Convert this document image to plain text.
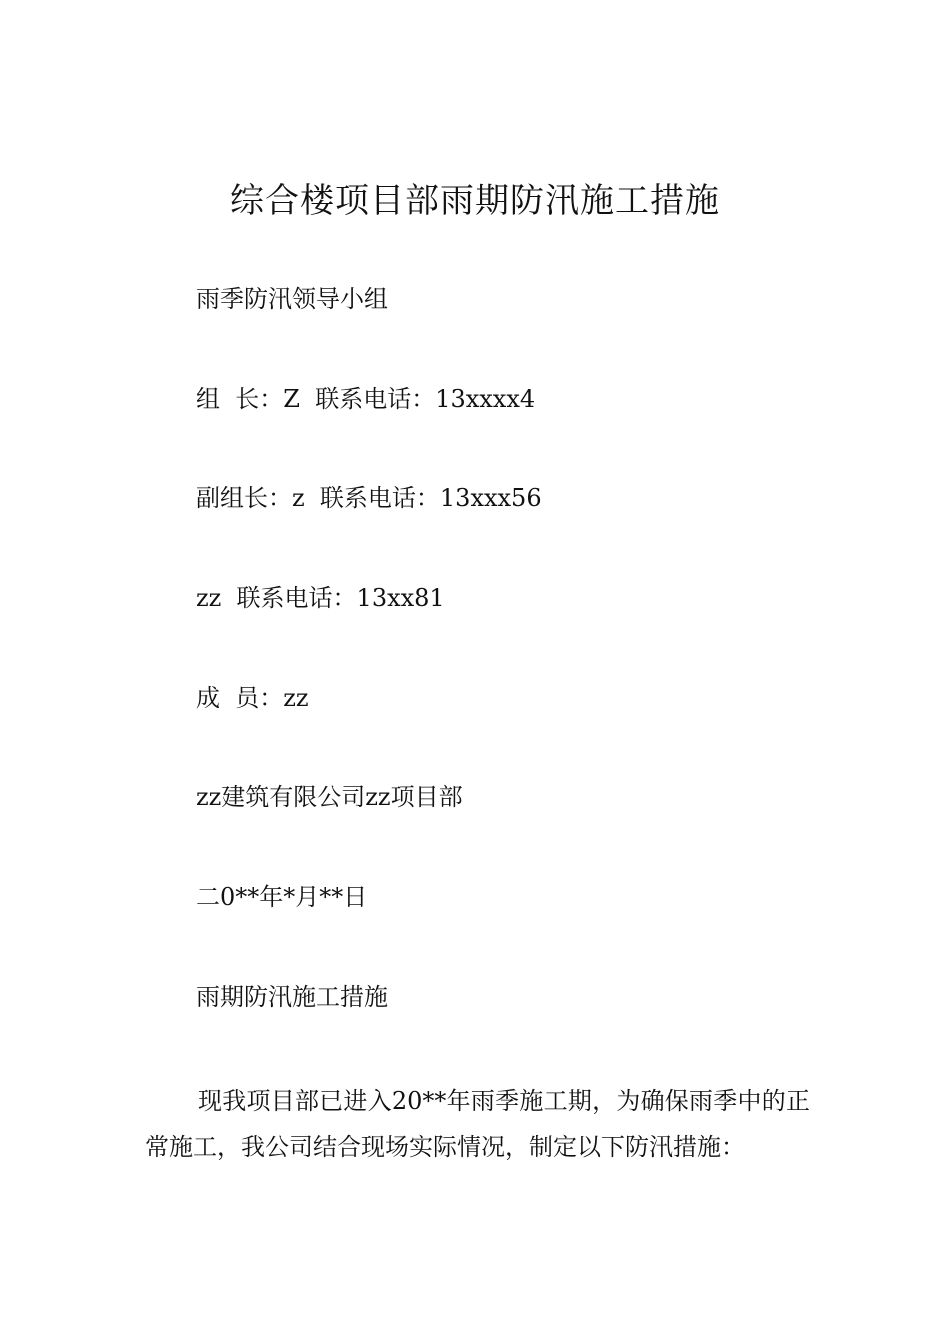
综合楼项目部雨期防汛施工措施
雨季防汛领导小组
组  长：Z  联系电话：13xxxx4
副组长：z  联系电话：13xxx56
zz  联系电话：13xx81
成  员：zz
zz建筑有限公司zz项目部
二0**年*月**日
雨期防汛施工措施
现我项目部已进入20**年雨季施工期，为确保雨季中的正常施工，我公司结合现场实际情况，制定以下防汛措施：
